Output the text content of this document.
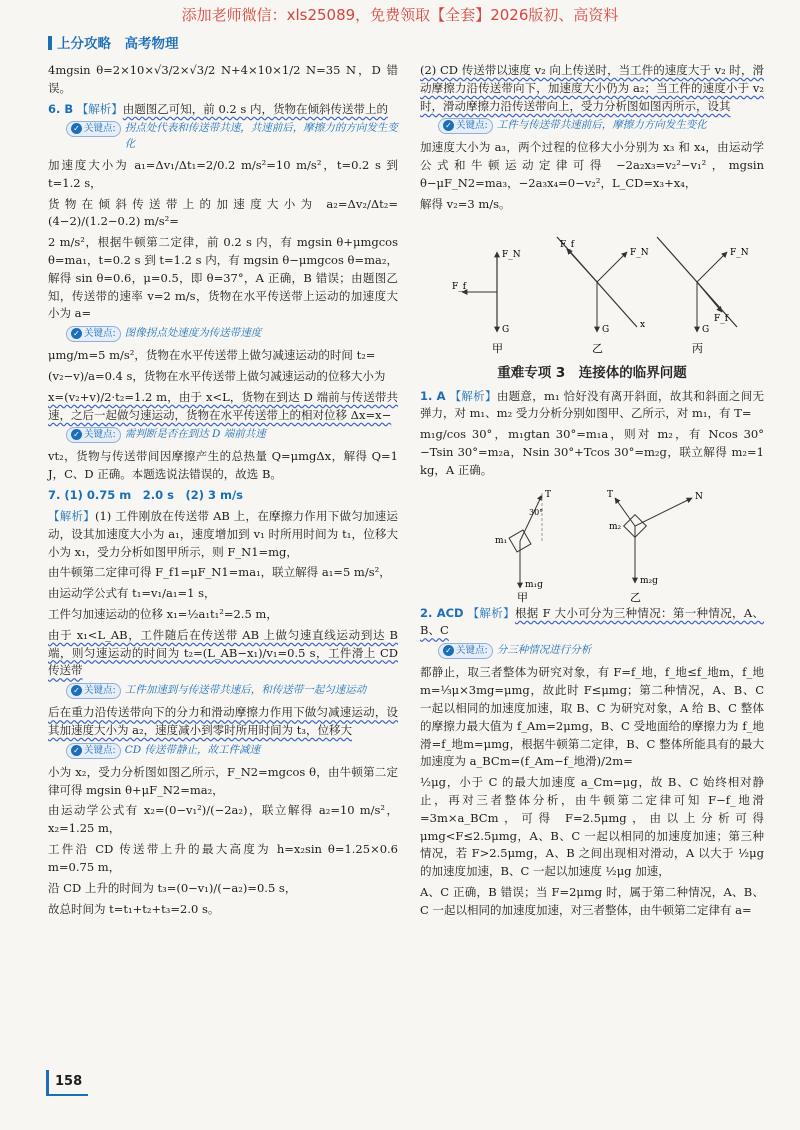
添加老师微信：xls25089，免费领取【全套】2026版初、高资料
上分攻略　高考物理

4mgsin θ=2×10×√3/2×√3/2 N+4×10×1/2 N=35 N，D 错误。

6. B 【解析】由题图乙可知，前 0.2 s 内，货物在倾斜传送带上的

✓ 关键点: 拐点处代表和传送带共速，共速前后，摩擦力的方向发生变化

加速度大小为 a₁=Δv₁/Δt₁=2/0.2 m/s²=10 m/s²，t=0.2 s 到 t=1.2 s，

货物在倾斜传送带上的加速度大小为 a₂=Δv₂/Δt₂=(4−2)/(1.2−0.2) m/s²=

2 m/s²，根据牛顿第二定律，前 0.2 s 内，有 mgsin θ+μmgcos θ=ma₁，t=0.2 s 到 t=1.2 s 内，有 mgsin θ−μmgcos θ=ma₂，解得 sin θ=0.6，μ=0.5，即 θ=37°，A 正确，B 错误；由题图乙知，传送带的速率 v=2 m/s，货物在水平传送带上运动的加速度大小为 a=

✓ 关键点: 图像拐点处速度为传送带速度

μmg/m=5 m/s²，货物在水平传送带上做匀减速运动的时间 t₂=

(v₂−v)/a=0.4 s，货物在水平传送带上做匀减速运动的位移大小为

x=(v₂+v)/2·t₂=1.2 m，由于 x<L，货物在到达 D 端前与传送带共速，之后一起做匀速运动，货物在水平传送带上的相对位移 Δx=x−

✓ 关键点: 需判断是否在到达 D 端前共速

vt₂，货物与传送带间因摩擦产生的总热量 Q=μmgΔx，解得 Q=1 J，C、D 正确。本题选说法错误的，故选 B。

7. (1) 0.75 m　2.0 s　(2) 3 m/s

【解析】(1) 工件刚放在传送带 AB 上，在摩擦力作用下做匀加速运动，设其加速度大小为 a₁，速度增加到 v₁ 时所用时间为 t₁，位移大小为 x₁，受力分析如图甲所示，则 F_N1=mg，

由牛顿第二定律可得 F_f1=μF_N1=ma₁，联立解得 a₁=5 m/s²，

由运动学公式有 t₁=v₁/a₁=1 s，

工件匀加速运动的位移 x₁=½a₁t₁²=2.5 m，

由于 x₁<L_AB，工件随后在传送带 AB 上做匀速直线运动到达 B 端，则匀速运动的时间为 t₂=(L_AB−x₁)/v₁=0.5 s，工件滑上 CD 传送带

✓ 关键点: 工件加速到与传送带共速后，和传送带一起匀速运动

后在重力沿传送带向下的分力和滑动摩擦力作用下做匀减速运动，设其加速度大小为 a₂，速度减小到零时所用时间为 t₃，位移大

✓ 关键点: CD 传送带静止，故工件减速

小为 x₂，受力分析图如图乙所示，F_N2=mgcos θ，由牛顿第二定律可得 mgsin θ+μF_N2=ma₂，

由运动学公式有 x₂=(0−v₁²)/(−2a₂)，联立解得 a₂=10 m/s²，x₂=1.25 m，

工件沿 CD 传送带上升的最大高度为 h=x₂sin θ=1.25×0.6 m=0.75 m，

沿 CD 上升的时间为 t₃=(0−v₁)/(−a₂)=0.5 s，

故总时间为 t=t₁+t₂+t₃=2.0 s。

(2) CD 传送带以速度 v₂ 向上传送时，当工件的速度大于 v₂ 时，滑动摩擦力沿传送带向下，加速度大小仍为 a₂；当工件的速度小于 v₂ 时，滑动摩擦力沿传送带向上，受力分析图如图丙所示，设其

✓ 关键点: 工件与传送带共速前后，摩擦力方向发生变化

加速度大小为 a₃，两个过程的位移大小分别为 x₃ 和 x₄，由运动学公式和牛顿运动定律可得 −2a₂x₃=v₂²−v₁²，mgsin θ−μF_N2=ma₃，−2a₃x₄=0−v₂²，L_CD=x₃+x₄，

解得 v₂=3 m/s。

F_N
F_f
G
甲
F_N
F_f
G	x
乙
F_N
F_f
G
丙
重难专项 3　连接体的临界问题

1. A 【解析】由题意，m₁ 恰好没有离开斜面，故其和斜面之间无弹力，对 m₁、m₂ 受力分析分别如图甲、乙所示，对 m₁，有 T=

m₁g/cos 30°，m₁gtan 30°=m₁a，则对 m₂，有 Ncos 30°−Tsin 30°=m₂a，Nsin 30°+Tcos 30°=m₂g，联立解得 m₂=1 kg，A 正确。

T
30°
m₁
m₁g
甲
T	N
m₂
m₂g
乙

2. ACD 【解析】根据 F 大小可分为三种情况：第一种情况，A、B、C

✓ 关键点: 分三种情况进行分析

都静止，取三者整体为研究对象，有 F=f_地，f_地≤f_地m，f_地m=⅓μ×3mg=μmg，故此时 F≤μmg；第二种情况，A、B、C 一起以相同的加速度加速，取 B、C 为研究对象，A 给 B、C 整体的摩擦力最大值为 f_Am=2μmg，B、C 受地面给的摩擦力为 f_地滑=f_地m=μmg，根据牛顿第二定律，B、C 整体所能具有的最大加速度为 a_BCm=(f_Am−f_地滑)/2m=

½μg，小于 C 的最大加速度 a_Cm=μg，故 B、C 始终相对静止，再对三者整体分析，由牛顿第二定律可知 F−f_地滑=3m×a_BCm，可得 F=2.5μmg，由以上分析可得 μmg<F≤2.5μmg，A、B、C 一起以相同的加速度加速；第三种情况，若 F>2.5μmg，A、B 之间出现相对滑动，A 以大于 ½μg 的加速度加速，B、C 一起以加速度 ½μg 加速，

A、C 正确，B 错误；当 F=2μmg 时，属于第二种情况，A、B、C 一起以相同的加速度加速，对三者整体，由牛顿第二定律有 a=

158
